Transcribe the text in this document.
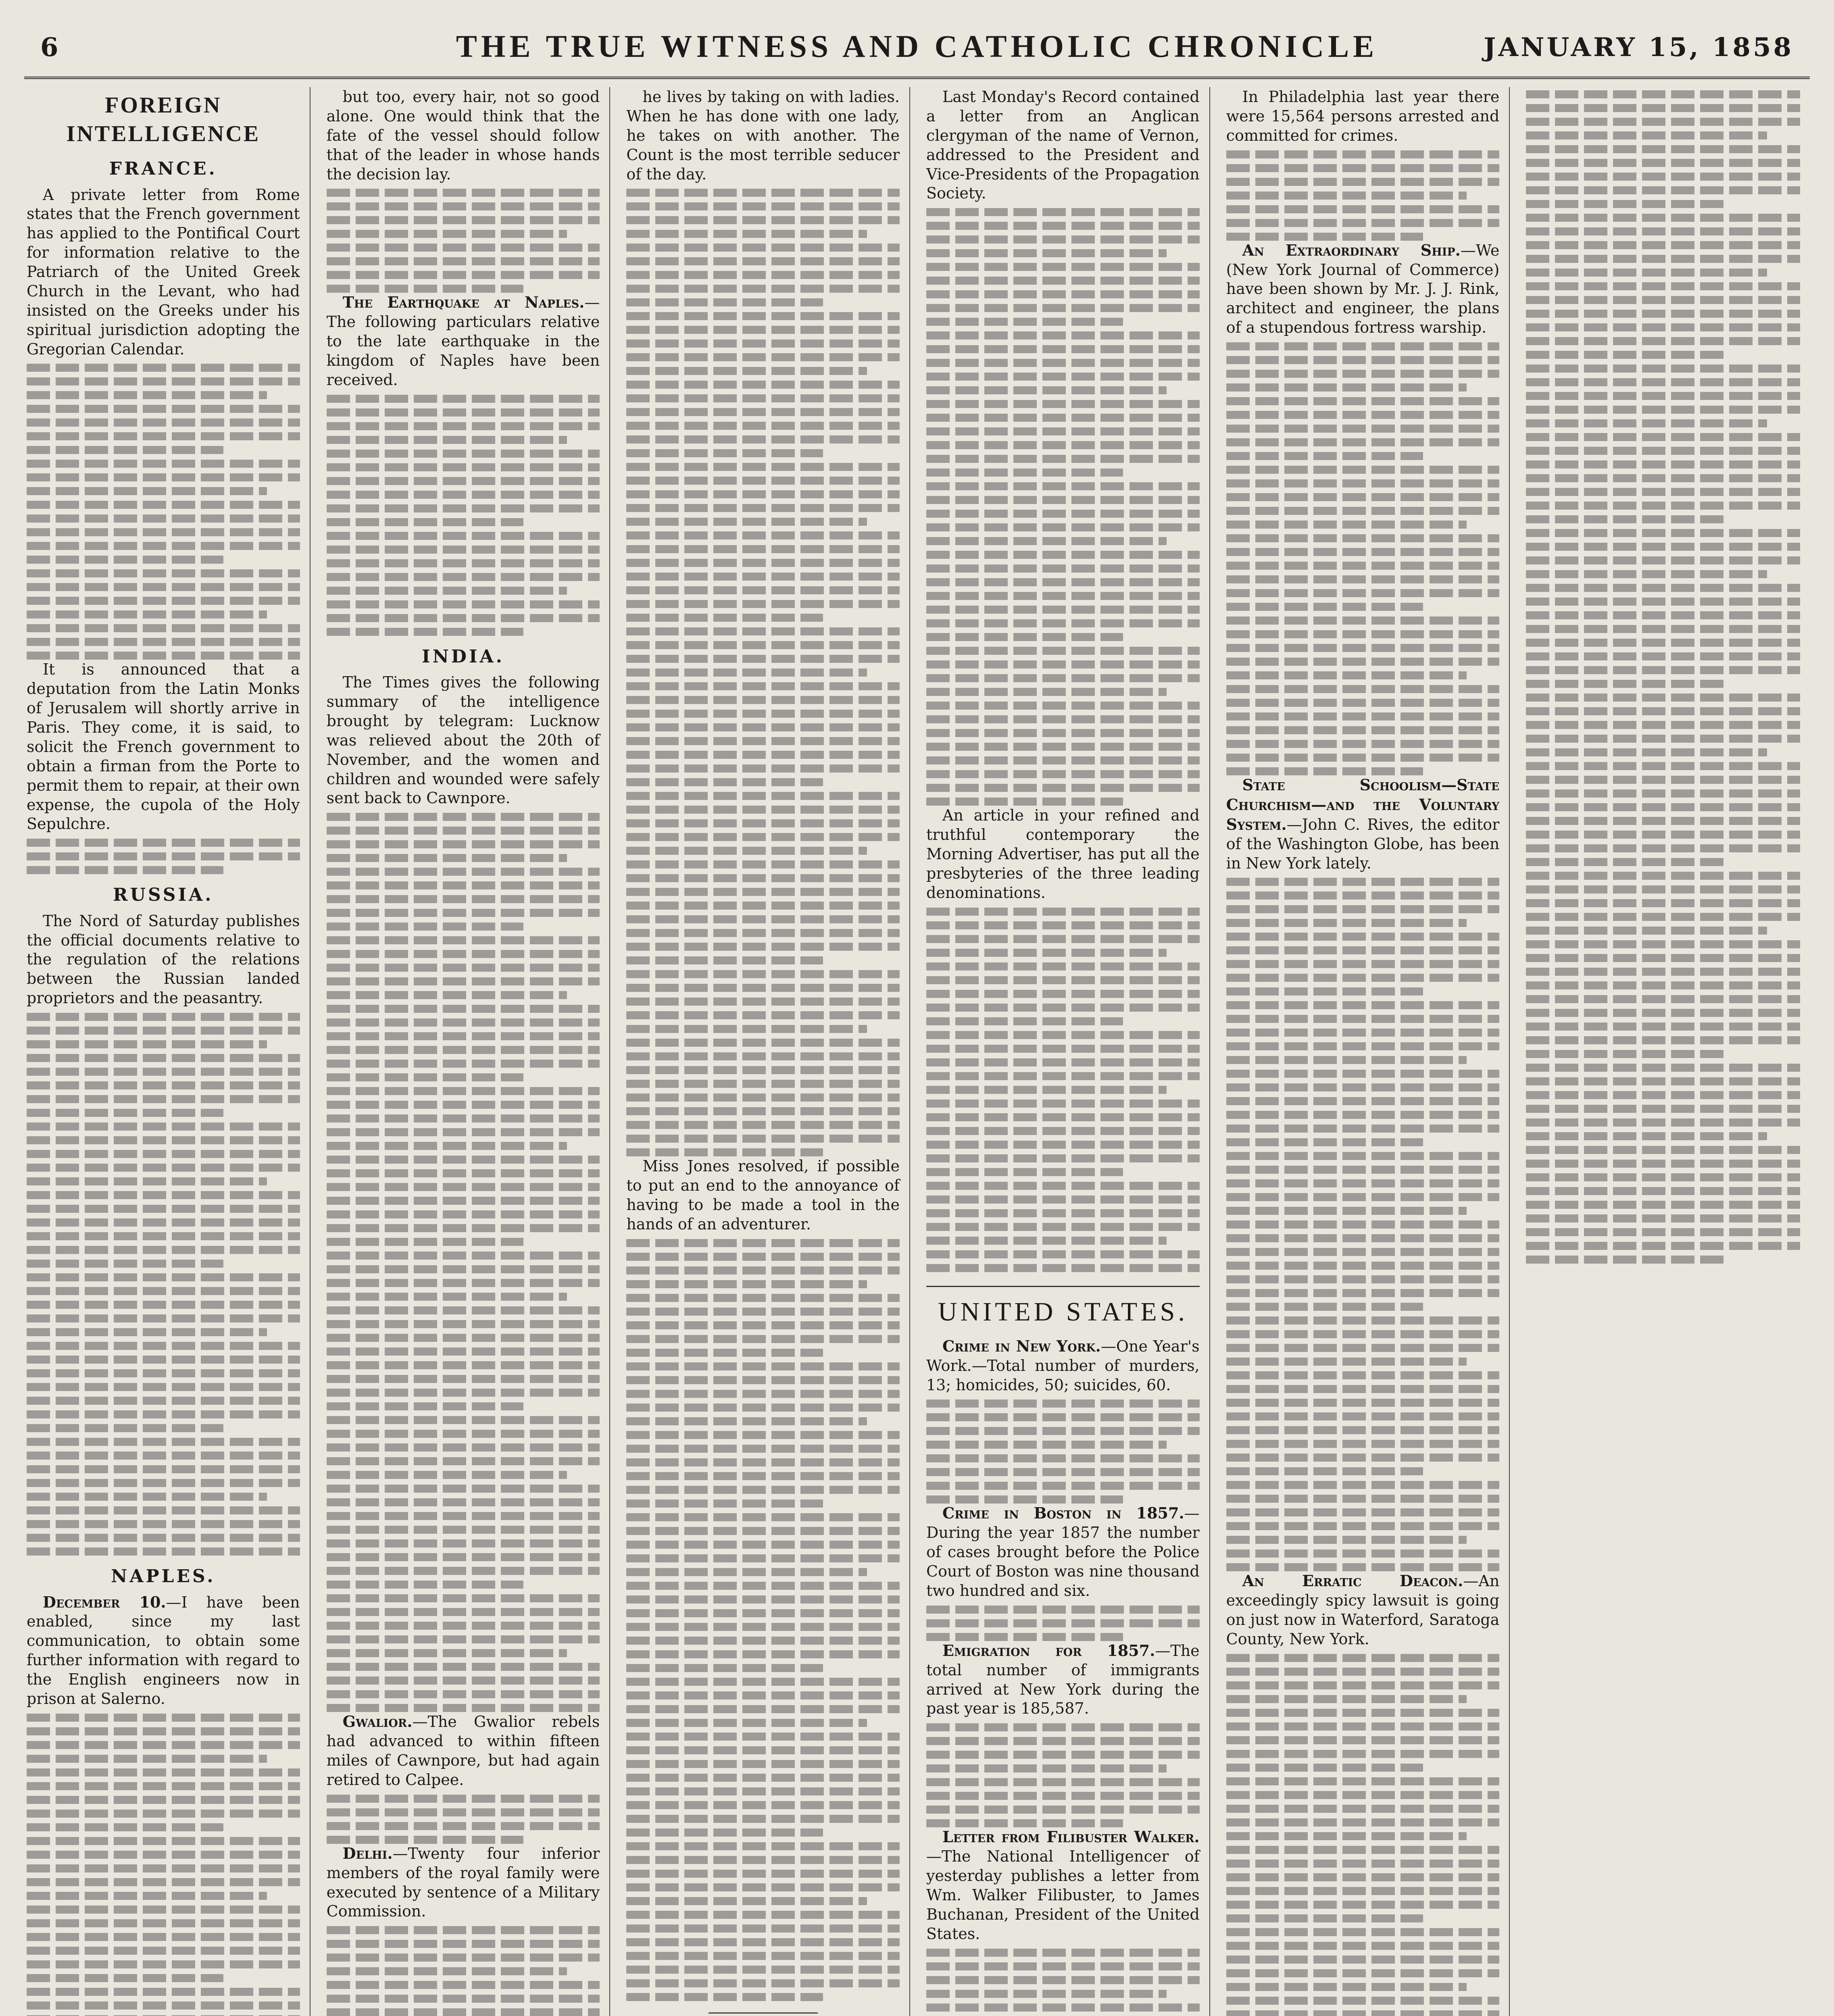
6	THE TRUE WITNESS AND CATHOLIC CHRONICLE	JANUARY 15, 1858
FOREIGN INTELLIGENCE
FRANCE.

A private letter from Rome states that the French government has applied to the Pontifical Court for information relative to the Patriarch of the United Greek Church in the Levant, who had insisted on the Greeks under his spiritual jurisdiction adopting the Gregorian Calendar.

It is announced that a deputation from the Latin Monks of Jerusalem will shortly arrive in Paris. They come, it is said, to solicit the French government to obtain a firman from the Porte to permit them to repair, at their own expense, the cupola of the Holy Sepulchre.

RUSSIA.

The Nord of Saturday publishes the official documents relative to the regulation of the relations between the Russian landed proprietors and the peasantry.

NAPLES.

December 10.—I have been enabled, since my last communication, to obtain some further information with regard to the English engineers now in prison at Salerno.

but too, every hair, not so good alone. One would think that the fate of the vessel should follow that of the leader in whose hands the decision lay.

The Earthquake at Naples.—The following particulars relative to the late earthquake in the kingdom of Naples have been received.

INDIA.

The Times gives the following summary of the intelligence brought by telegram: Lucknow was relieved about the 20th of November, and the women and children and wounded were safely sent back to Cawnpore.

Gwalior.—The Gwalior rebels had advanced to within fifteen miles of Cawnpore, but had again retired to Calpee.

Delhi.—Twenty four inferior members of the royal family were executed by sentence of a Military Commission.

he lives by taking on with ladies. When he has done with one lady, he takes on with another. The Count is the most terrible seducer of the day.

Miss Jones resolved, if possible to put an end to the annoyance of having to be made a tool in the hands of an adventurer.

Last Monday's Record contained a letter from an Anglican clergyman of the name of Vernon, addressed to the President and Vice-Presidents of the Propagation Society.

An article in your refined and truthful contemporary the Morning Advertiser, has put all the presbyteries of the three leading denominations.

UNITED STATES.

Crime in New York.—One Year's Work.—Total number of murders, 13; homicides, 50; suicides, 60.

Crime in Boston in 1857.—During the year 1857 the number of cases brought before the Police Court of Boston was nine thousand two hundred and six.

Emigration for 1857.—The total number of immigrants arrived at New York during the past year is 185,587.

Letter from Filibuster Walker.—The National Intelligencer of yesterday publishes a letter from Wm. Walker Filibuster, to James Buchanan, President of the United States.

In Philadelphia last year there were 15,564 persons arrested and committed for crimes.

An Extraordinary Ship.—We (New York Journal of Commerce) have been shown by Mr. J. J. Rink, architect and engineer, the plans of a stupendous fortress warship.

State Schoolism—State Churchism—and the Voluntary System.—John C. Rives, the editor of the Washington Globe, has been in New York lately.

An Erratic Deacon.—An exceedingly spicy lawsuit is going on just now in Waterford, Saratoga County, New York.
